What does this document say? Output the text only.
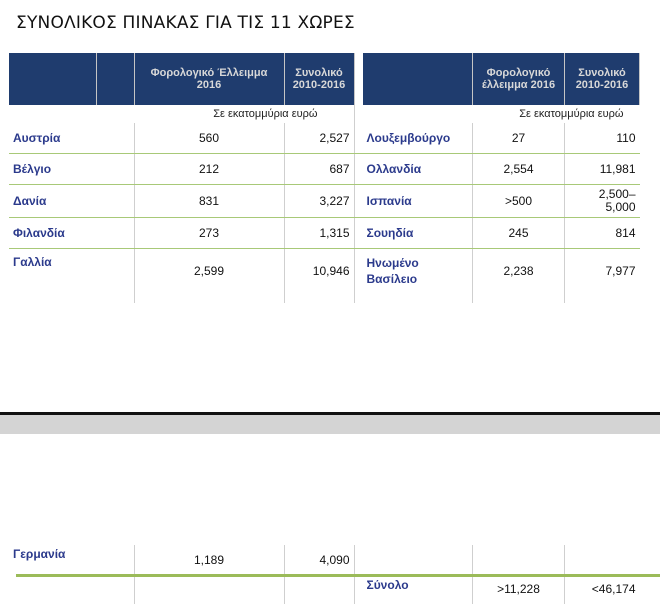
ΣΥΝΟΛΙΚΟΣ ΠΙΝΑΚΑΣ ΓΙΑ ΤΙΣ 11 ΧΩΡΕΣ
		Φορολογικό Έλλειμμα 2016	Συνολικό 2010-2016			Φορολογικό έλλειμμα 2016	Συνολικό 2010-2016
Σε εκατομμύρια ευρώ					Σε εκατομμύρια ευρώ		
Αυστρία		560	2,527		Λουξεμβούργο	27	110
Βέλγιο		212	687		Ολλανδία	2,554	11,981
Δανία		831	3,227		Ισπανία	>500	2,500–5,000
Φιλανδία		273	1,315		Σουηδία	245	814
Γαλλία		2,599	10,946		Ηνωμένο Βασίλειο	2,238	7,977

Γερμανία		1,189	4,090				
					Σύνολο	>11,228	<46,174
